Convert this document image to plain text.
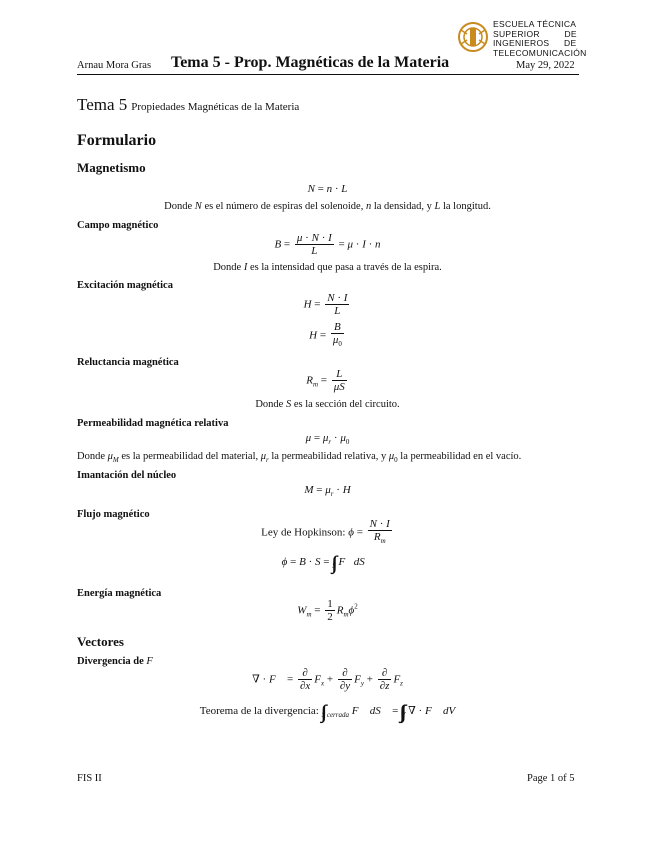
Arnau Mora Gras Tema 5 - Prop. Magnéticas de la Materia	May 29, 2022
ESCUELA TÉCNICA
SUPERIOR DE
INGENIEROS DE
TELECOMUNICACIÓN
Tema 5 Propiedades Magnéticas de la Materia
Formulario
Magnetismo
N = n · L
Donde N es el número de espiras del solenoide, n la densidad, y L la longitud.
Campo magnético
$B = \frac{\mu \cdot N \cdot I}{L} = \mu \cdot I \cdot n$
Donde I es la intensidad que pasa a través de la espira.
Excitación magnética
$H = \frac{N \cdot I}{L}$
$H = \frac{B}{\mu_0}$
Reluctancia magnética
$R_m = \frac{L}{\mu S}$
Donde S es la sección del circuito.
Permeabilidad magnética relativa
$\mu = \mu_r \cdot \mu_0$
Donde $\mu_M$ es la permeabilidad del material, $\mu_r$ la permeabilidad relativa, y $\mu_0$ la permeabilidad en el vacío.
Imantación del núcleo
$M = \mu_r \cdot H$
Flujo magnético
Ley de Hopkinson: $\phi = \frac{N \cdot I}{R_m}$
ϕ = B · S = $_S$ F⃗dS⃗
Energía magnética
$W_m = \frac{1}{2} R_m\phi^2$
Vectores
Divergencia de F⃗
∇ · F⃗ = $\frac{\partial}{\partial x} F_x + \frac{\partial}{\partial y} F_y + \frac{\partial}{\partial z} F_z$
Teorema de la divergencia: $_{S cerrada}$ F⃗ dS⃗ = $_V$ ∇ · F⃗ dV
FIS II	Page 1 of 5
